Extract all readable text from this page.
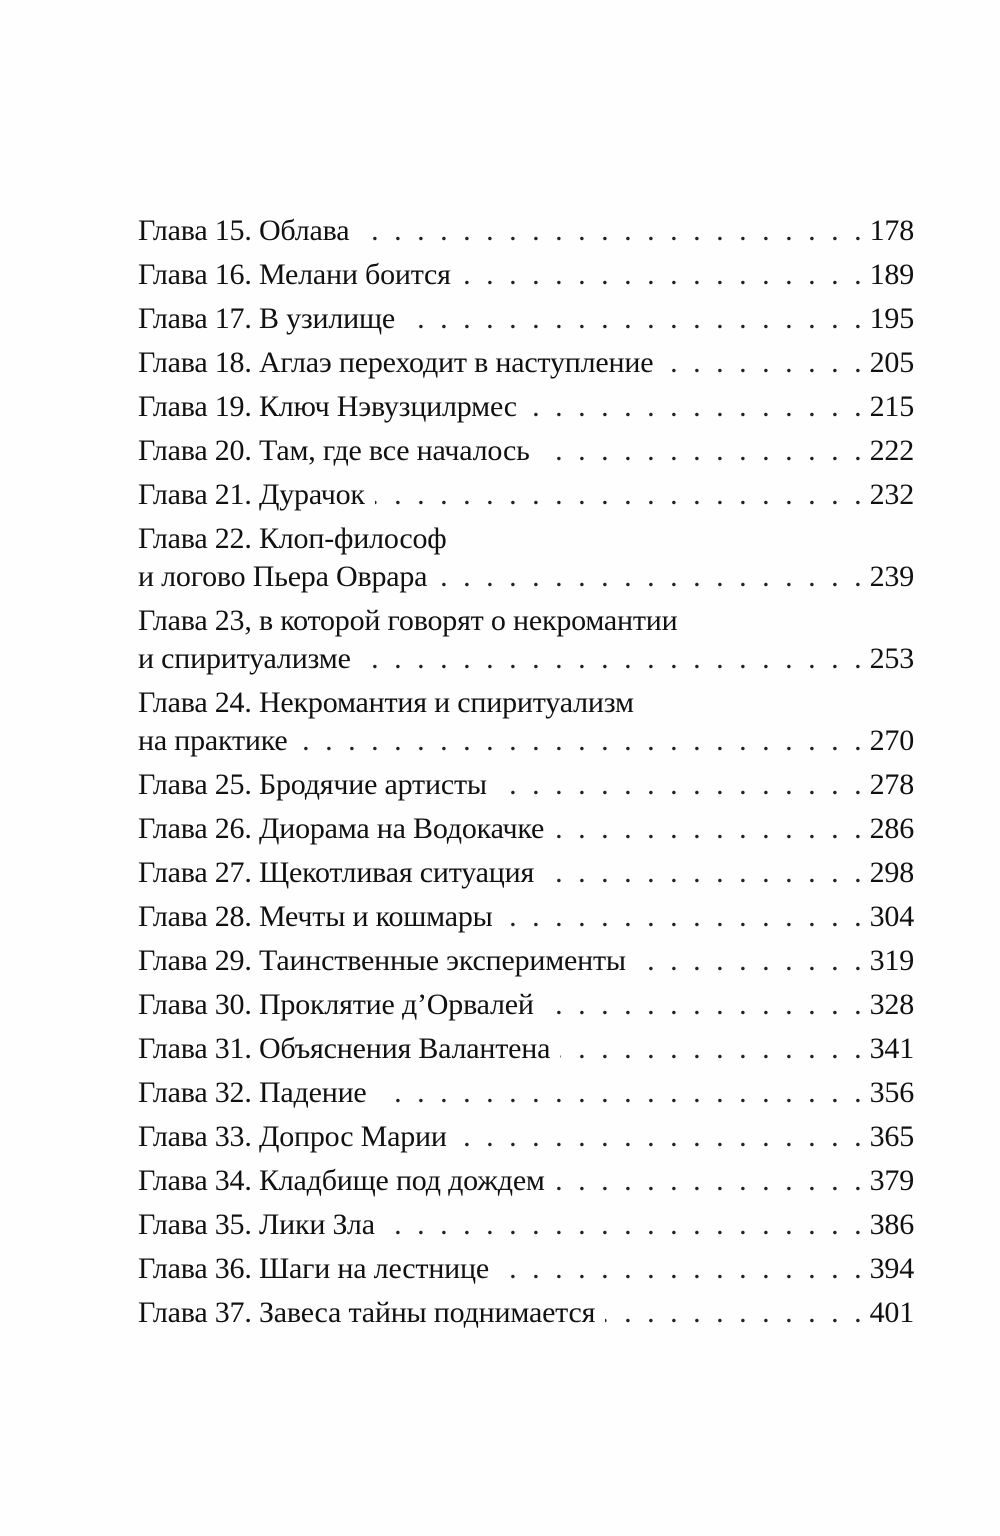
Глава 15. Облава . . .	178
Глава 16. Мелани боится . . .	189
Глава 17. В узилище . . .	195
Глава 18. Аглаэ переходит в наступление . . .	205
Глава 19. Ключ Нэвузцилрмес . . .	215
Глава 20. Там, где все началось . . .	222
Глава 21. Дурачок . . .	232
Глава 22. Клоп-философ
и логово Пьера Оврара . . .	239
Глава 23, в которой говорят о некромантии
и спиритуализме . . .	253
Глава 24. Некромантия и спиритуализм
на практике . . .	270
Глава 25. Бродячие артисты . . .	278
Глава 26. Диорама на Водокачке . . .	286
Глава 27. Щекотливая ситуация . . .	298
Глава 28. Мечты и кошмары . . .	304
Глава 29. Таинственные эксперименты . . .	319
Глава 30. Проклятие д’Орвалей . . .	328
Глава 31. Объяснения Валантена . . .	341
Глава 32. Падение . . .	356
Глава 33. Допрос Марии . . .	365
Глава 34. Кладбище под дождем . . .	379
Глава 35. Лики Зла . . .	386
Глава 36. Шаги на лестнице . . .	394
Глава 37. Завеса тайны поднимается . . .	401
